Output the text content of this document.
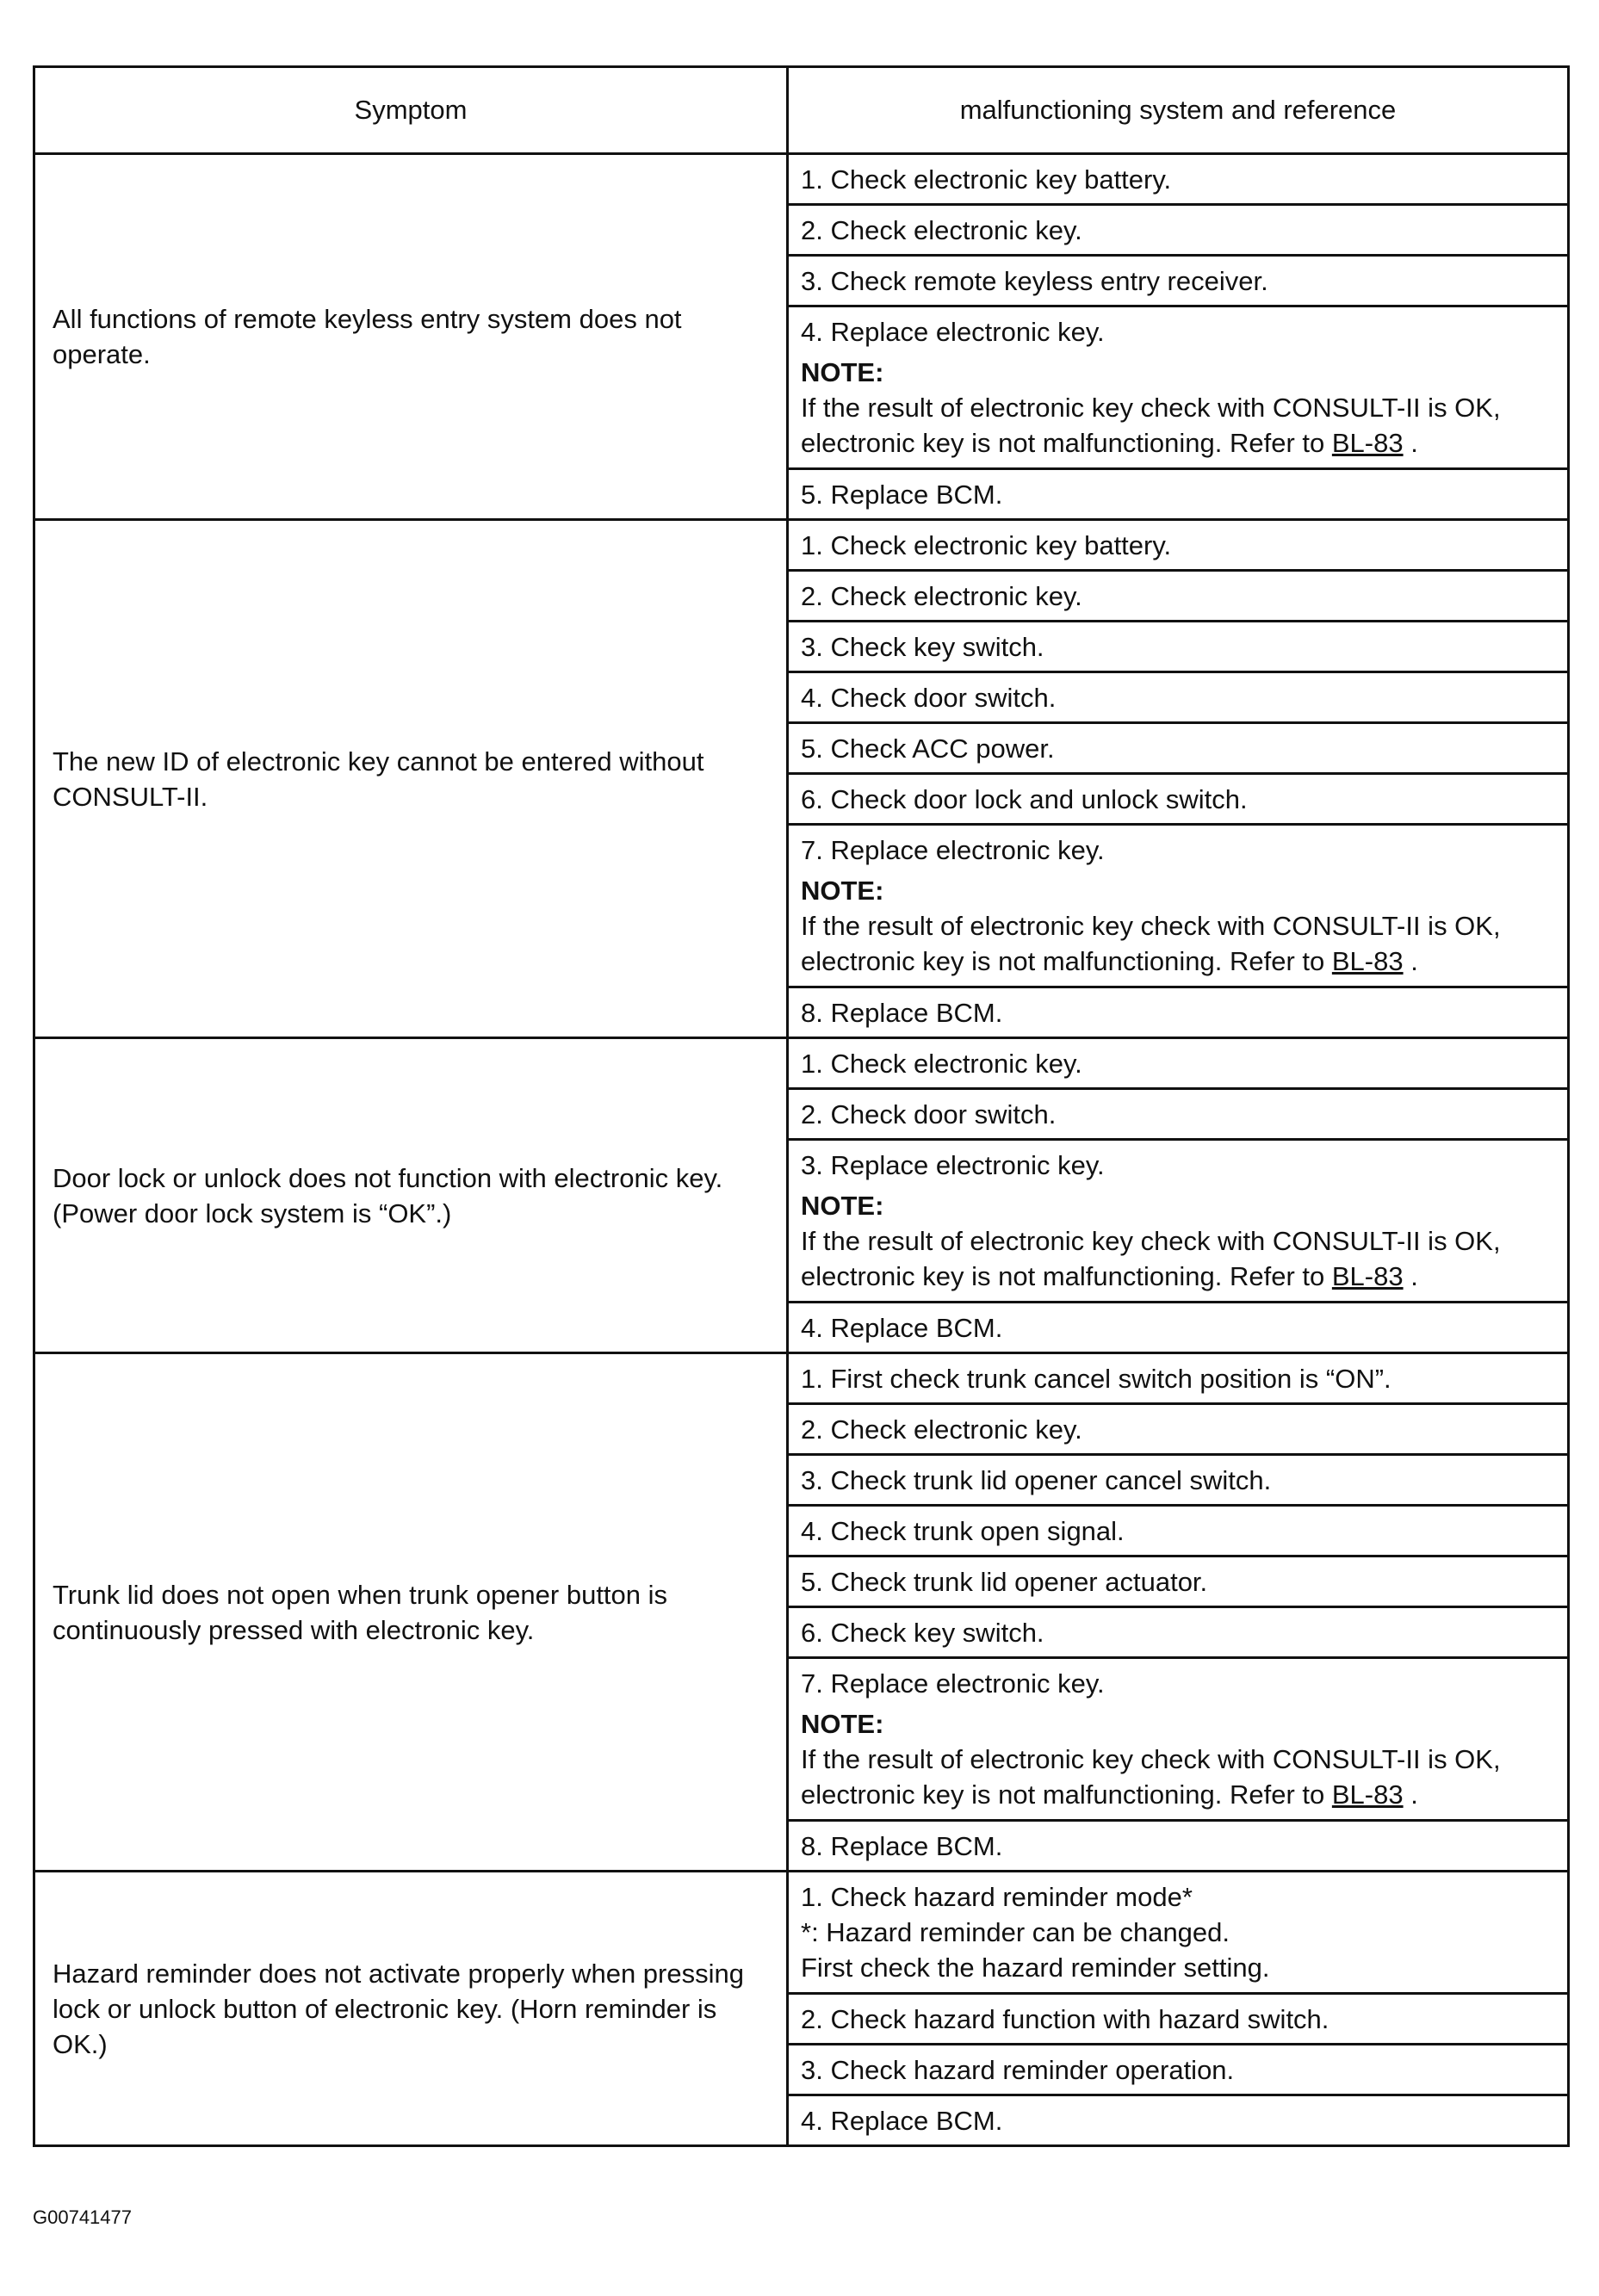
Symptom	malfunctioning system and reference
All functions of remote keyless entry system does not operate.	1. Check electronic key battery.
	2. Check electronic key.
	3. Check remote keyless entry receiver.

	4. Replace electronic key.
NOTE:
If the result of electronic key check with CONSULT-II is OK, electronic key is not malfunctioning. Refer to BL-83 .

	5. Replace BCM.
The new ID of electronic key cannot be entered without CONSULT-II.	1. Check electronic key battery.
	2. Check electronic key.
	3. Check key switch.
	4. Check door switch.
	5. Check ACC power.
	6. Check door lock and unlock switch.

	7. Replace electronic key.
NOTE:
If the result of electronic key check with CONSULT-II is OK, electronic key is not malfunctioning. Refer to BL-83 .

	8. Replace BCM.
Door lock or unlock does not function with electronic key. (Power door lock system is “OK”.)	1. Check electronic key.
	2. Check door switch.

	3. Replace electronic key.
NOTE:
If the result of electronic key check with CONSULT-II is OK, electronic key is not malfunctioning. Refer to BL-83 .

	4. Replace BCM.
Trunk lid does not open when trunk opener button is continuously pressed with electronic key.	1. First check trunk cancel switch position is “ON”.
	2. Check electronic key.
	3. Check trunk lid opener cancel switch.
	4. Check trunk open signal.
	5. Check trunk lid opener actuator.
	6. Check key switch.

	7. Replace electronic key.
NOTE:
If the result of electronic key check with CONSULT-II is OK, electronic key is not malfunctioning. Refer to BL-83 .

	8. Replace BCM.
Hazard reminder does not activate properly when pressing lock or unlock button of electronic key. (Horn reminder is OK.)	1. Check hazard reminder mode*
*: Hazard reminder can be changed.
First check the hazard reminder setting.

	2. Check hazard function with hazard switch.
	3. Check hazard reminder operation.
	4. Replace BCM.
G00741477
